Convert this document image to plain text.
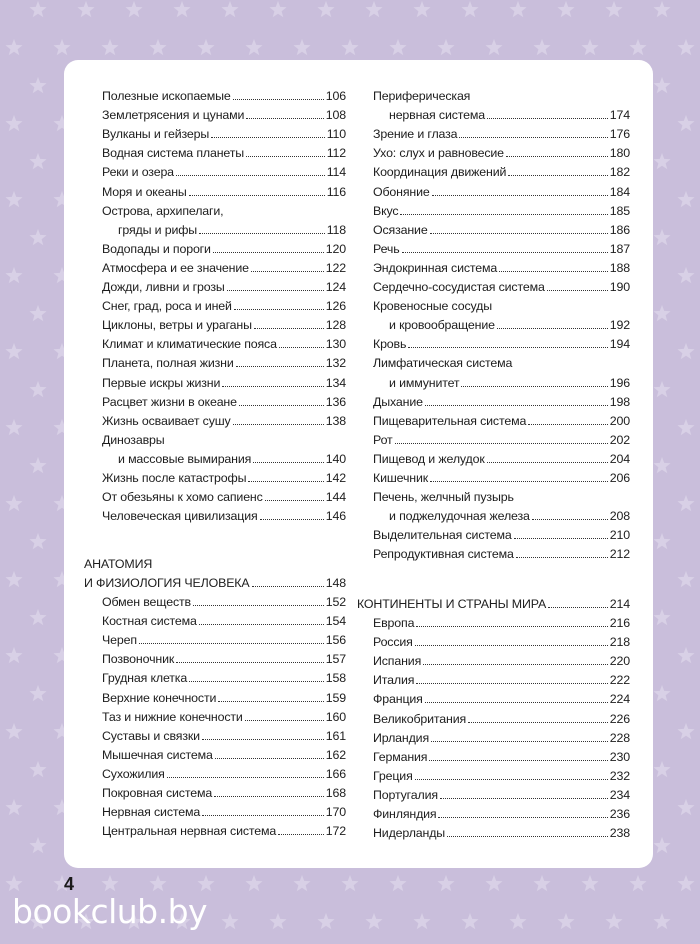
Полезные ископаемые	106
Землетрясения и цунами	108
Вулканы и гейзеры	110
Водная система планеты	112
Реки и озера	114
Моря и океаны	116
Острова, архипелаги,
гряды и рифы	118
Водопады и пороги	120
Атмосфера и ее значение	122
Дожди, ливни и грозы	124
Снег, град, роса и иней	126
Циклоны, ветры и ураганы	128
Климат и климатические пояса	130
Планета, полная жизни	132
Первые искры жизни	134
Расцвет жизни в океане	136
Жизнь осваивает сушу	138
Динозавры
и массовые вымирания	140
Жизнь после катастрофы	142
От обезьяны к хомо сапиенс	144
Человеческая цивилизация	146
АНАТОМИЯ
И ФИЗИОЛОГИЯ ЧЕЛОВЕКА	148
Обмен веществ	152
Костная система	154
Череп	156
Позвоночник	157
Грудная клетка	158
Верхние конечности	159
Таз и нижние конечности	160
Суставы и связки	161
Мышечная система	162
Сухожилия	166
Покровная система	168
Нервная система	170
Центральная нервная система	172
Периферическая
нервная система	174
Зрение и глаза	176
Ухо: слух и равновесие	180
Координация движений	182
Обоняние	184
Вкус	185
Осязание	186
Речь	187
Эндокринная система	188
Сердечно-сосудистая система	190
Кровеносные сосуды
и кровообращение	192
Кровь	194
Лимфатическая система
и иммунитет	196
Дыхание	198
Пищеварительная система	200
Рот	202
Пищевод и желудок	204
Кишечник	206
Печень, желчный пузырь
и поджелудочная железа	208
Выделительная система	210
Репродуктивная система	212
КОНТИНЕНТЫ И СТРАНЫ МИРА	214
Европа	216
Россия	218
Испания	220
Италия	222
Франция	224
Великобритания	226
Ирландия	228
Германия	230
Греция	232
Португалия	234
Финляндия	236
Нидерланды	238
4
bookclub.by
